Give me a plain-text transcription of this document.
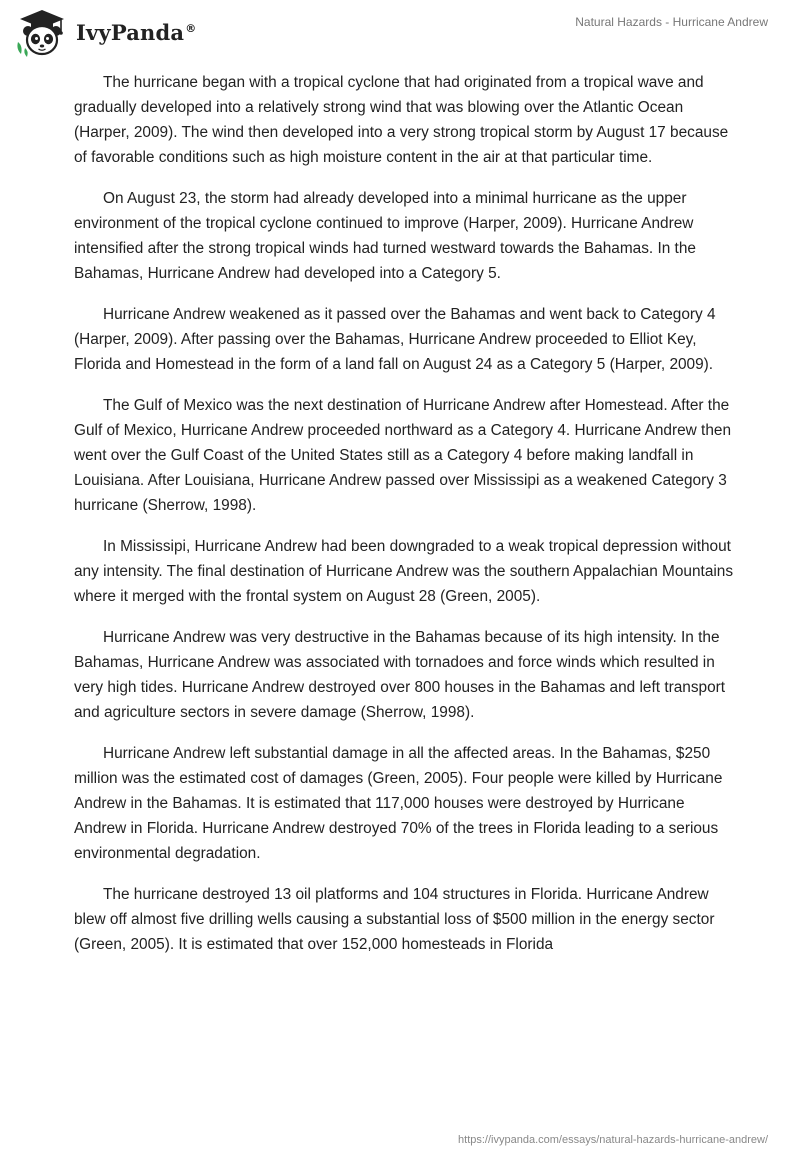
IvyPanda®	Natural Hazards - Hurricane Andrew

The hurricane began with a tropical cyclone that had originated from a tropical wave and gradually developed into a relatively strong wind that was blowing over the Atlantic Ocean (Harper, 2009). The wind then developed into a very strong tropical storm by August 17 because of favorable conditions such as high moisture content in the air at that particular time.

On August 23, the storm had already developed into a minimal hurricane as the upper environment of the tropical cyclone continued to improve (Harper, 2009). Hurricane Andrew intensified after the strong tropical winds had turned westward towards the Bahamas. In the Bahamas, Hurricane Andrew had developed into a Category 5.

Hurricane Andrew weakened as it passed over the Bahamas and went back to Category 4 (Harper, 2009). After passing over the Bahamas, Hurricane Andrew proceeded to Elliot Key, Florida and Homestead in the form of a land fall on August 24 as a Category 5 (Harper, 2009).

The Gulf of Mexico was the next destination of Hurricane Andrew after Homestead. After the Gulf of Mexico, Hurricane Andrew proceeded northward as a Category 4. Hurricane Andrew then went over the Gulf Coast of the United States still as a Category 4 before making landfall in Louisiana. After Louisiana, Hurricane Andrew passed over Mississipi as a weakened Category 3 hurricane (Sherrow, 1998).

In Mississipi, Hurricane Andrew had been downgraded to a weak tropical depression without any intensity. The final destination of Hurricane Andrew was the southern Appalachian Mountains where it merged with the frontal system on August 28 (Green, 2005).

Hurricane Andrew was very destructive in the Bahamas because of its high intensity. In the Bahamas, Hurricane Andrew was associated with tornadoes and force winds which resulted in very high tides. Hurricane Andrew destroyed over 800 houses in the Bahamas and left transport and agriculture sectors in severe damage (Sherrow, 1998).

Hurricane Andrew left substantial damage in all the affected areas. In the Bahamas, $250 million was the estimated cost of damages (Green, 2005). Four people were killed by Hurricane Andrew in the Bahamas. It is estimated that 117,000 houses were destroyed by Hurricane Andrew in Florida. Hurricane Andrew destroyed 70% of the trees in Florida leading to a serious environmental degradation.

The hurricane destroyed 13 oil platforms and 104 structures in Florida. Hurricane Andrew blew off almost five drilling wells causing a substantial loss of $500 million in the energy sector (Green, 2005). It is estimated that over 152,000 homesteads in Florida

https://ivypanda.com/essays/natural-hazards-hurricane-andrew/
